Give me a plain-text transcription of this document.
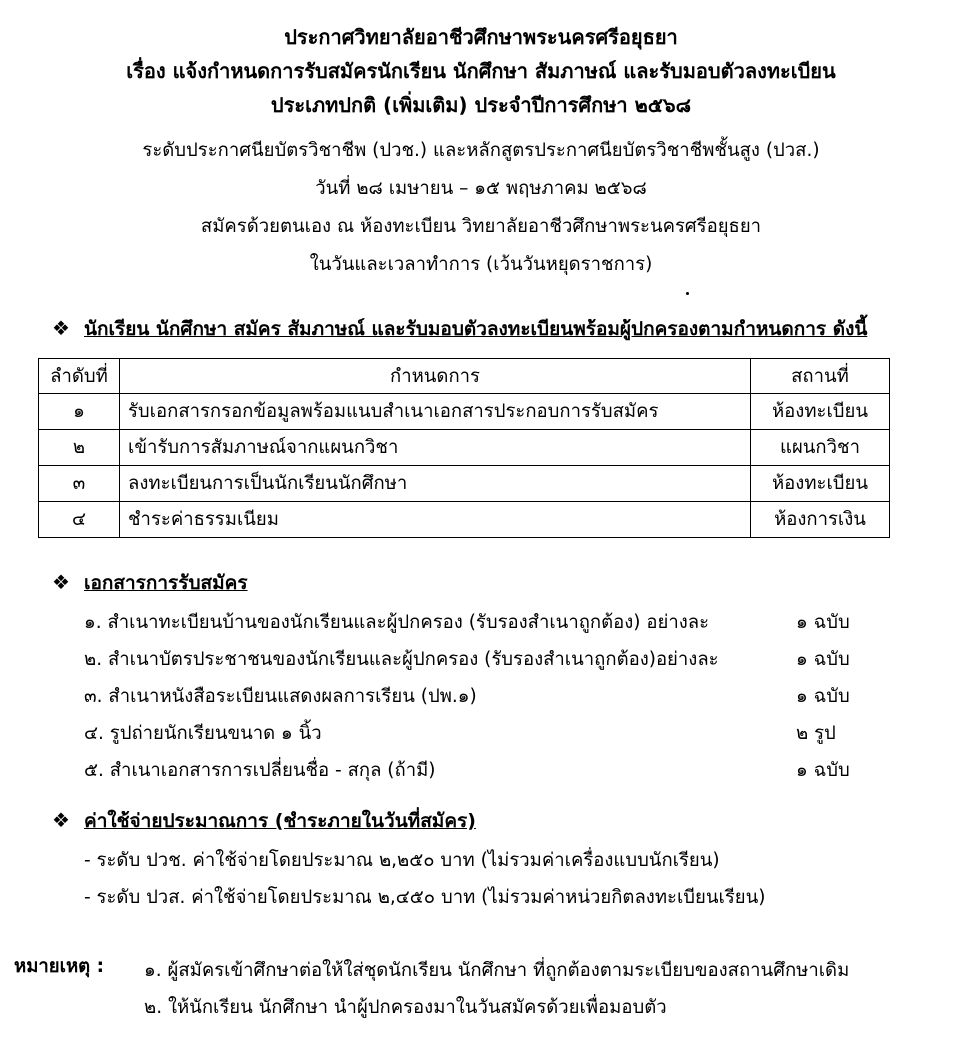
ประกาศวิทยาลัยอาชีวศึกษาพระนครศรีอยุธยา
เรื่อง แจ้งกำหนดการรับสมัครนักเรียน นักศึกษา สัมภาษณ์ และรับมอบตัวลงทะเบียน
ประเภทปกติ (เพิ่มเติม) ประจำปีการศึกษา ๒๕๖๘
ระดับประกาศนียบัตรวิชาชีพ (ปวช.) และหลักสูตรประกาศนียบัตรวิชาชีพชั้นสูง (ปวส.)
วันที่ ๒๘ เมษายน – ๑๕ พฤษภาคม ๒๕๖๘
สมัครด้วยตนเอง ณ ห้องทะเบียน วิทยาลัยอาชีวศึกษาพระนครศรีอยุธยา
ในวันและเวลาทำการ (เว้นวันหยุดราชการ)
❖ นักเรียน นักศึกษา สมัคร สัมภาษณ์ และรับมอบตัวลงทะเบียนพร้อมผู้ปกครองตามกำหนดการ ดังนี้
ลำดับที่	กำหนดการ	สถานที่
๑	รับเอกสารกรอกข้อมูลพร้อมแนบสำเนาเอกสารประกอบการรับสมัคร	ห้องทะเบียน
๒	เข้ารับการสัมภาษณ์จากแผนกวิชา	แผนกวิชา
๓	ลงทะเบียนการเป็นนักเรียนนักศึกษา	ห้องทะเบียน
๔	ชำระค่าธรรมเนียม	ห้องการเงิน
❖ เอกสารการรับสมัคร
๑. สำเนาทะเบียนบ้านของนักเรียนและผู้ปกครอง (รับรองสำเนาถูกต้อง) อย่างละ	๑ ฉบับ
๒. สำเนาบัตรประชาชนของนักเรียนและผู้ปกครอง (รับรองสำเนาถูกต้อง)อย่างละ	๑ ฉบับ
๓. สำเนาหนังสือระเบียนแสดงผลการเรียน (ปพ.๑)	๑ ฉบับ
๔. รูปถ่ายนักเรียนขนาด ๑ นิ้ว	๒ รูป
๕. สำเนาเอกสารการเปลี่ยนชื่อ - สกุล (ถ้ามี)	๑ ฉบับ
❖ ค่าใช้จ่ายประมาณการ (ชำระภายในวันที่สมัคร)
- ระดับ ปวช. ค่าใช้จ่ายโดยประมาณ ๒,๒๕๐ บาท (ไม่รวมค่าเครื่องแบบนักเรียน)
- ระดับ ปวส. ค่าใช้จ่ายโดยประมาณ ๒,๔๕๐ บาท (ไม่รวมค่าหน่วยกิตลงทะเบียนเรียน)
หมายเหตุ : ๑. ผู้สมัครเข้าศึกษาต่อให้ใส่ชุดนักเรียน นักศึกษา ที่ถูกต้องตามระเบียบของสถานศึกษาเดิม
๒. ให้นักเรียน นักศึกษา นำผู้ปกครองมาในวันสมัครด้วยเพื่อมอบตัว
